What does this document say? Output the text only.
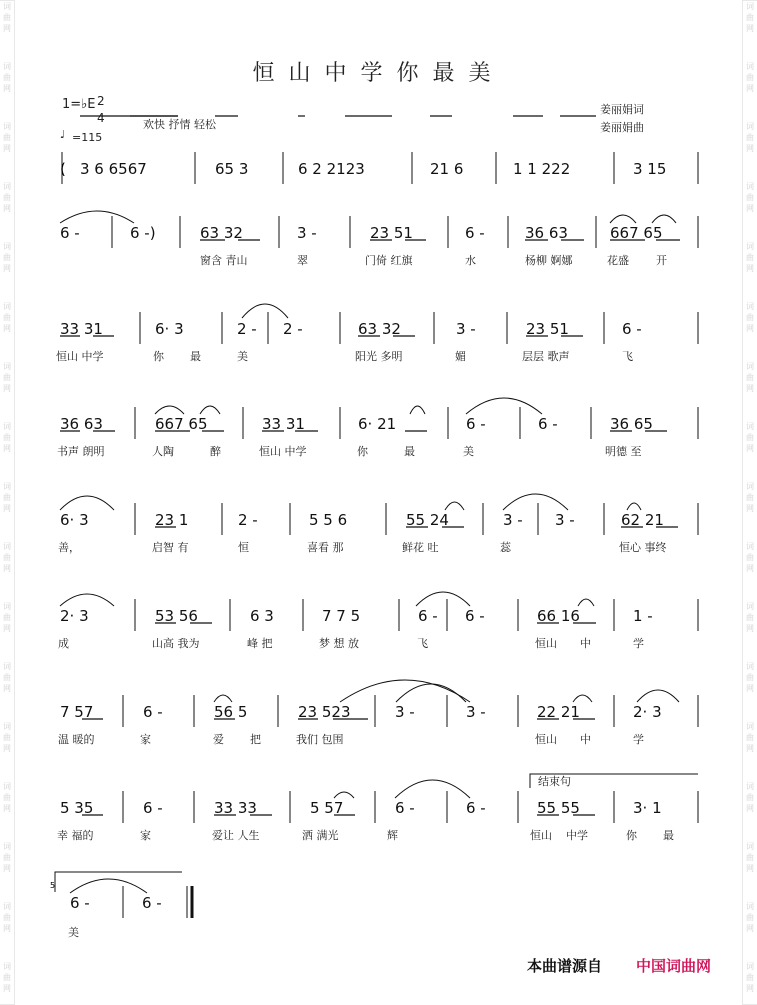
词
曲
网
词
曲
网
词
曲
网
词
曲
网
词
曲
网
词
曲
网
词
曲
网
词
曲
网
词
曲
网
词
曲
网
词
曲
网
词
曲
网
词
曲
网
词
曲
网
词
曲
网
词
曲
网
词
曲
网
词
曲
网
词
曲
网
词
曲
网
词
曲
网
词
曲
网
词
曲
网
词
曲
网
词
曲
网
词
曲
网
词
曲
网
词
曲
网
词
曲
网
词
曲
网
词
曲
网
词
曲
网
词
曲
网
词
曲
网
恒山中学你最美
1=♭E 2
4
♩ =115
欢快 抒情 轻松
姜丽娟词
姜丽娟曲
3 6 6567	65 3	6 2 2123	21 6	1 1 222	3 15
6 -	6 -)	63 32	3 -	23 51	6 -	36 63	667 65
窗含 青山	翠	门倚 红旗	水	杨柳 婀娜	花盛 开
33 31	6· 3	2 - 2 -	63 32	3 -	23 51	6 -
恒山 中学	你 最	美	阳光 多明	媚	层层 歌声	飞
36 63	667 65	33 31	6· 21	6 -	6 -	36 65
书声 朗明	人陶	醉	恒山 中学	你	最	美	明德 至
6· 3	23 1	2 -	5 5 6	55 24	3 - 3 -	62 21
善，	启智 有	恒	喜看 那	鲜花 吐	蕊	恒心 事终
2· 3	53 56	6 3	7 7 5	6 - 6 -	66 16	1 -
成	山高 我为	峰 把	梦 想 放	飞	恒山 中	学
7 57	6 -	56 5	23 523	3 -	3 -	22 21	2· 3
温 暖的	家	爱 把	我们 包围	恒山 中	学
5 35	6 -	33 33	5 57	6 -	6 -	55 55	3· 1
幸 福的	家	爱让 人生	洒 满光	辉	恒山 中学	你 最
6 -	6 -
美
(
结束句
5
本曲谱源自 中国词曲网
